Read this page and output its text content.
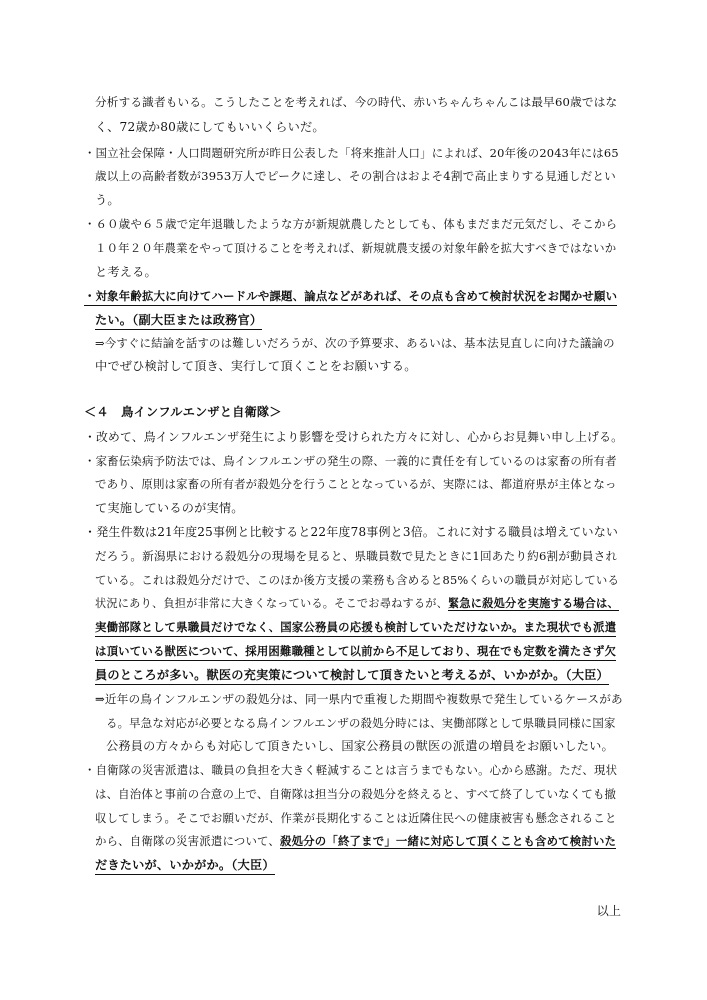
分析する識者もいる。こうしたことを考えれば、今の時代、赤いちゃんちゃんこは最早60歳ではな
く、72歳か80歳にしてもいいくらいだ。
・国立社会保障・人口問題研究所が昨日公表した「将来推計人口」によれば、20年後の2043年には65
歳以上の高齢者数が3953万人でピークに達し、その割合はおよそ4割で高止まりする見通しだとい
う。
・６０歳や６５歳で定年退職したような方が新規就農したとしても、体もまだまだ元気だし、そこから
１０年２０年農業をやって頂けることを考えれば、新規就農支援の対象年齢を拡大すべきではないか
と考える。
・対象年齢拡大に向けてハードルや課題、論点などがあれば、その点も含めて検討状況をお聞かせ願い
たい。（副大臣または政務官）
⇒今すぐに結論を話すのは難しいだろうが、次の予算要求、あるいは、基本法見直しに向けた議論の
中でぜひ検討して頂き、実行して頂くことをお願いする。
＜４　鳥インフルエンザと自衛隊＞
・改めて、鳥インフルエンザ発生により影響を受けられた方々に対し、心からお見舞い申し上げる。
・家畜伝染病予防法では、鳥インフルエンザの発生の際、一義的に責任を有しているのは家畜の所有者
であり、原則は家畜の所有者が殺処分を行うこととなっているが、実際には、都道府県が主体となっ
て実施しているのが実情。
・発生件数は21年度25事例と比較すると22年度78事例と3倍。これに対する職員は増えていない
だろう。新潟県における殺処分の現場を見ると、県職員数で見たときに1回あたり約6割が動員され
ている。これは殺処分だけで、このほか後方支援の業務も含めると85%くらいの職員が対応している
状況にあり、負担が非常に大きくなっている。そこでお尋ねするが、緊急に殺処分を実施する場合は、
実働部隊として県職員だけでなく、国家公務員の応援も検討していただけないか。また現状でも派遣
は頂いている獣医について、採用困難職種として以前から不足しており、現在でも定数を満たさず欠
員のところが多い。獣医の充実策について検討して頂きたいと考えるが、いかがか。（大臣）
⇒近年の鳥インフルエンザの殺処分は、同一県内で重複した期間や複数県で発生しているケースがあ
る。早急な対応が必要となる鳥インフルエンザの殺処分時には、実働部隊として県職員同様に国家
公務員の方々からも対応して頂きたいし、国家公務員の獣医の派遣の増員をお願いしたい。
・自衛隊の災害派遣は、職員の負担を大きく軽減することは言うまでもない。心から感謝。ただ、現状
は、自治体と事前の合意の上で、自衛隊は担当分の殺処分を終えると、すべて終了していなくても撤
収してしまう。そこでお願いだが、作業が長期化することは近隣住民への健康被害も懸念されること
から、自衛隊の災害派遣について、殺処分の「終了まで」一緒に対応して頂くことも含めて検討いた
だきたいが、いかがか。（大臣）
以上
